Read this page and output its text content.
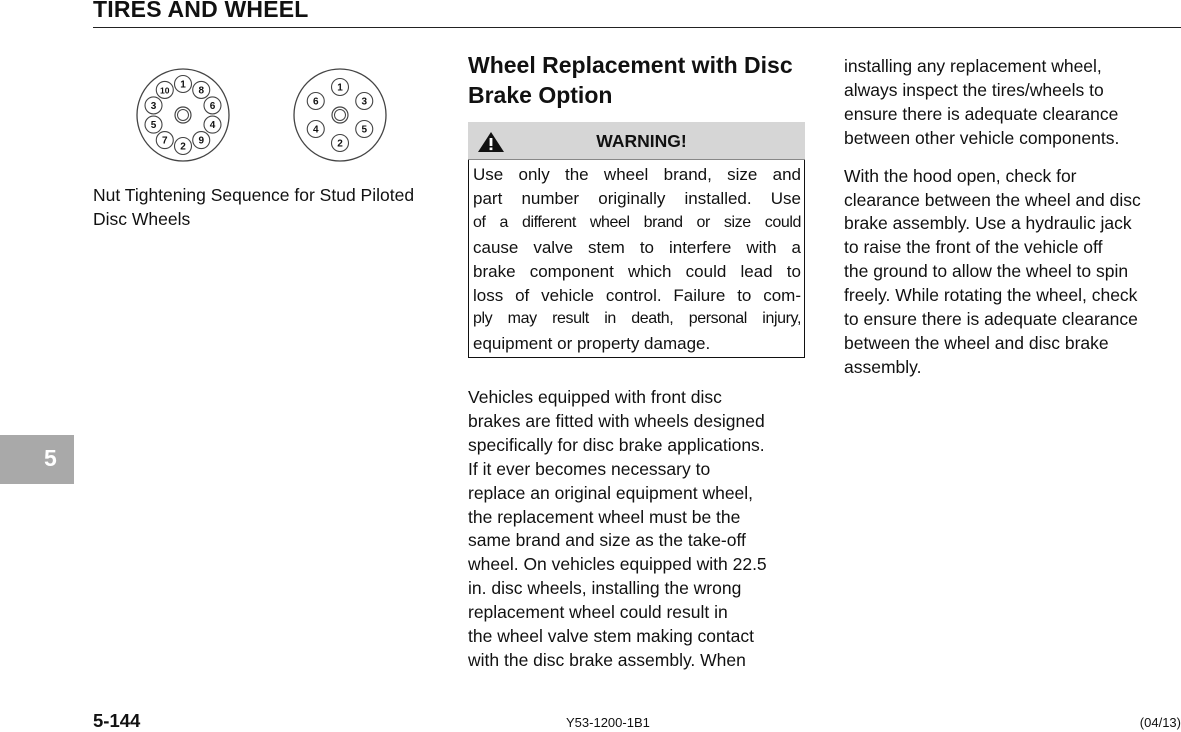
TIRES AND WHEEL
1
8
6
4
9
2
7
5
3
10	1
3
5
2
4
6
Nut Tightening Sequence for Stud Piloted Disc Wheels
Wheel Replacement with Disc Brake Option
WARNING!
Use only the wheel brand, size and
part number originally installed. Use
of a different wheel brand or size could
cause valve stem to interfere with a
brake component which could lead to
loss of vehicle control. Failure to com-
ply may result in death, personal injury,
equipment or property damage.
Vehicles equipped with front disc
brakes are fitted with wheels designed
specifically for disc brake applications.
If it ever becomes necessary to
replace an original equipment wheel,
the replacement wheel must be the
same brand and size as the take-off
wheel. On vehicles equipped with 22.5
in. disc wheels, installing the wrong
replacement wheel could result in
the wheel valve stem making contact
with the disc brake assembly. When

installing any replacement wheel,
always inspect the tires/wheels to
ensure there is adequate clearance
between other vehicle components.

With the hood open, check for
clearance between the wheel and disc
brake assembly. Use a hydraulic jack
to raise the front of the vehicle off
the ground to allow the wheel to spin
freely. While rotating the wheel, check
to ensure there is adequate clearance
between the wheel and disc brake
assembly.

5
5-144	Y53-1200-1B1	(04/13)
